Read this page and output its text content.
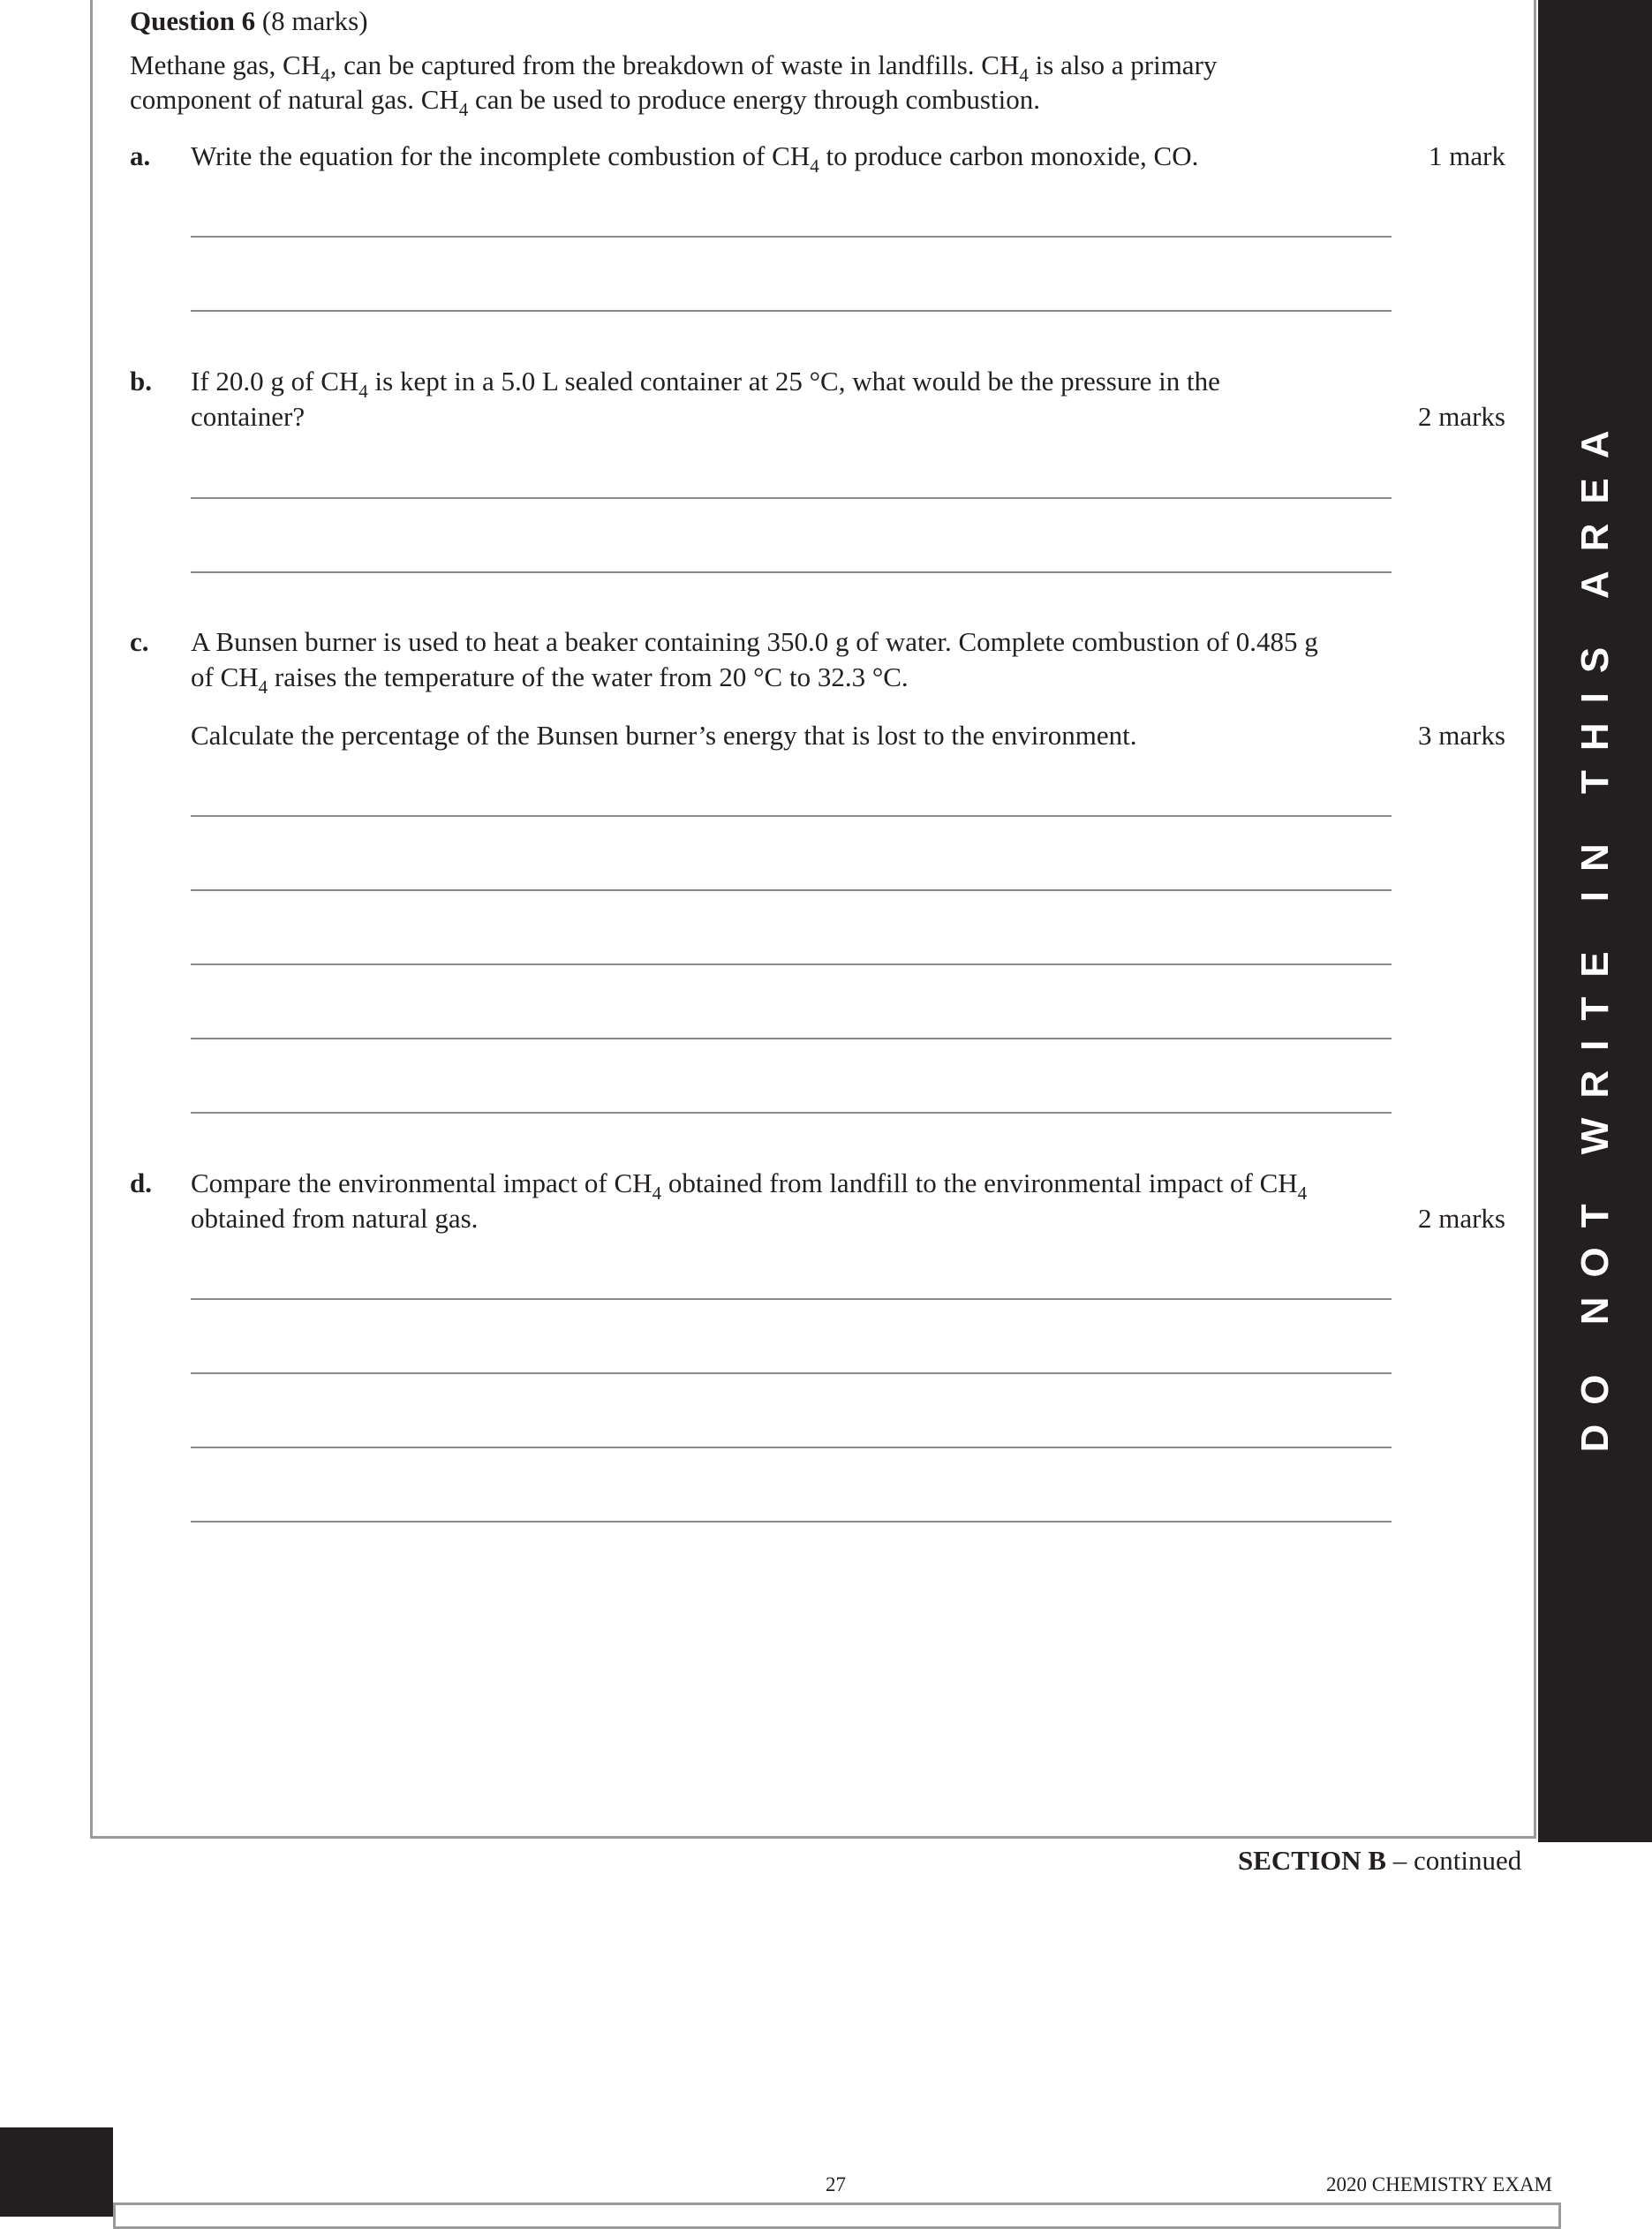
DO NOT WRITE IN THIS AREA
Question 6 (8 marks)
Methane gas, $CH_4$, can be captured from the breakdown of waste in landfills. $CH_4$ is also a primary
component of natural gas. $CH_4$ can be used to produce energy through combustion.
a. Write the equation for the incomplete combustion of $CH_4$ to produce carbon monoxide, CO.	1 mark
b. If 20.0 g of $CH_4$ is kept in a 5.0 L sealed container at 25 °C, what would be the pressure in the
container?	2 marks
c. A Bunsen burner is used to heat a beaker containing 350.0 g of water. Complete combustion of 0.485 g
of $CH_4$ raises the temperature of the water from 20 °C to 32.3 °C.
Calculate the percentage of the Bunsen burner’s energy that is lost to the environment.	3 marks
d. Compare the environmental impact of $CH_4$ obtained from landfill to the environmental impact of $CH_4$
obtained from natural gas.	2 marks
SECTION B – continued
27	2020 CHEMISTRY EXAM
